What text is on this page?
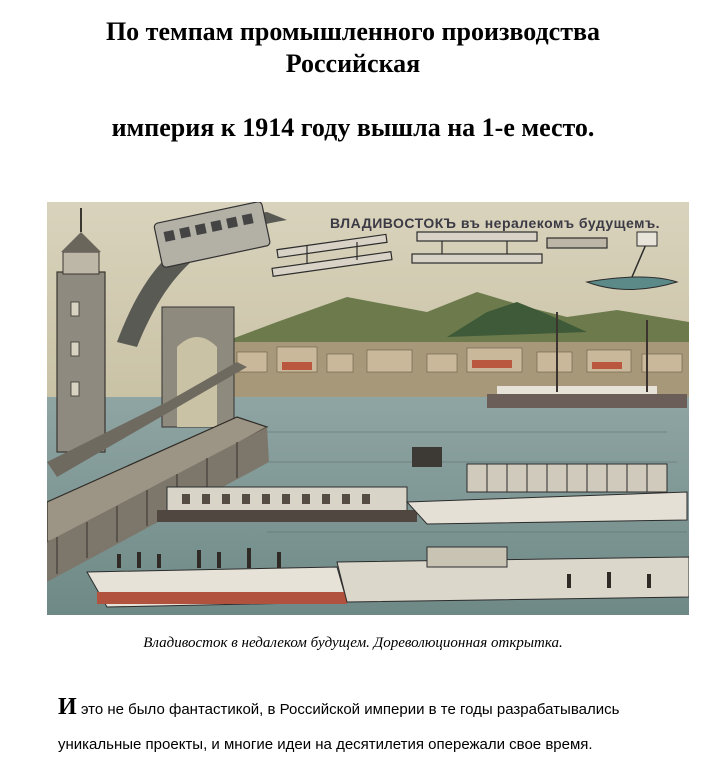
По темпам промышленного производства
Российская
империя к 1914 году вышла на 1-е место.
ВЛАДИВОСТОКЪ въ нералекомъ будущемъ.

Владивосток в недалеком будущем. Дореволюционная открытка.

И это не было фантастикой, в Российской империи в те годы разрабатывались
уникальные проекты, и многие идеи на десятилетия опережали свое время.
